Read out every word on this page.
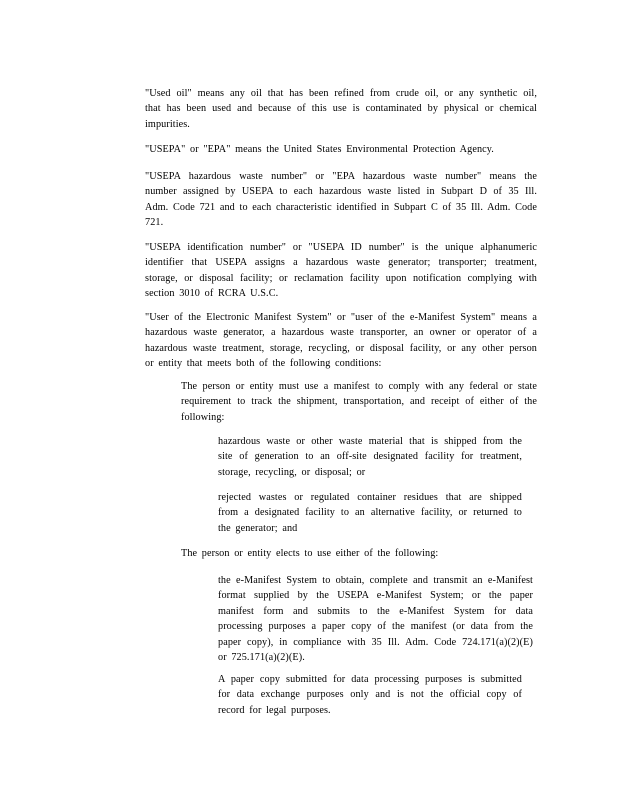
"Used oil" means any oil that has been refined from crude oil, or any synthetic oil, that has been used and because of this use is contaminated by physical or chemical impurities.
"USEPA" or "EPA" means the United States Environmental Protection Agency.
"USEPA hazardous waste number" or "EPA hazardous waste number" means the number assigned by USEPA to each hazardous waste listed in Subpart D of 35 Ill. Adm. Code 721 and to each characteristic identified in Subpart C of 35 Ill. Adm. Code 721.
"USEPA identification number" or "USEPA ID number" is the unique alphanumeric identifier that USEPA assigns a hazardous waste generator; transporter; treatment, storage, or disposal facility; or reclamation facility upon notification complying with section 3010 of RCRA U.S.C.
"User of the Electronic Manifest System" or "user of the e-Manifest System" means a hazardous waste generator, a hazardous waste transporter, an owner or operator of a hazardous waste treatment, storage, recycling, or disposal facility, or any other person or entity that meets both of the following conditions:
The person or entity must use a manifest to comply with any federal or state requirement to track the shipment, transportation, and receipt of either of the following:
hazardous waste or other waste material that is shipped from the site of generation to an off-site designated facility for treatment, storage, recycling, or disposal; or
rejected wastes or regulated container residues that are shipped from a designated facility to an alternative facility, or returned to the generator; and
The person or entity elects to use either of the following:
the e-Manifest System to obtain, complete and transmit an e-Manifest format supplied by the USEPA e-Manifest System; or the paper manifest form and submits to the e-Manifest System for data processing purposes a paper copy of the manifest (or data from the paper copy), in compliance with 35 Ill. Adm. Code 724.171(a)(2)(E) or 725.171(a)(2)(E).
A paper copy submitted for data processing purposes is submitted for data exchange purposes only and is not the official copy of record for legal purposes.
